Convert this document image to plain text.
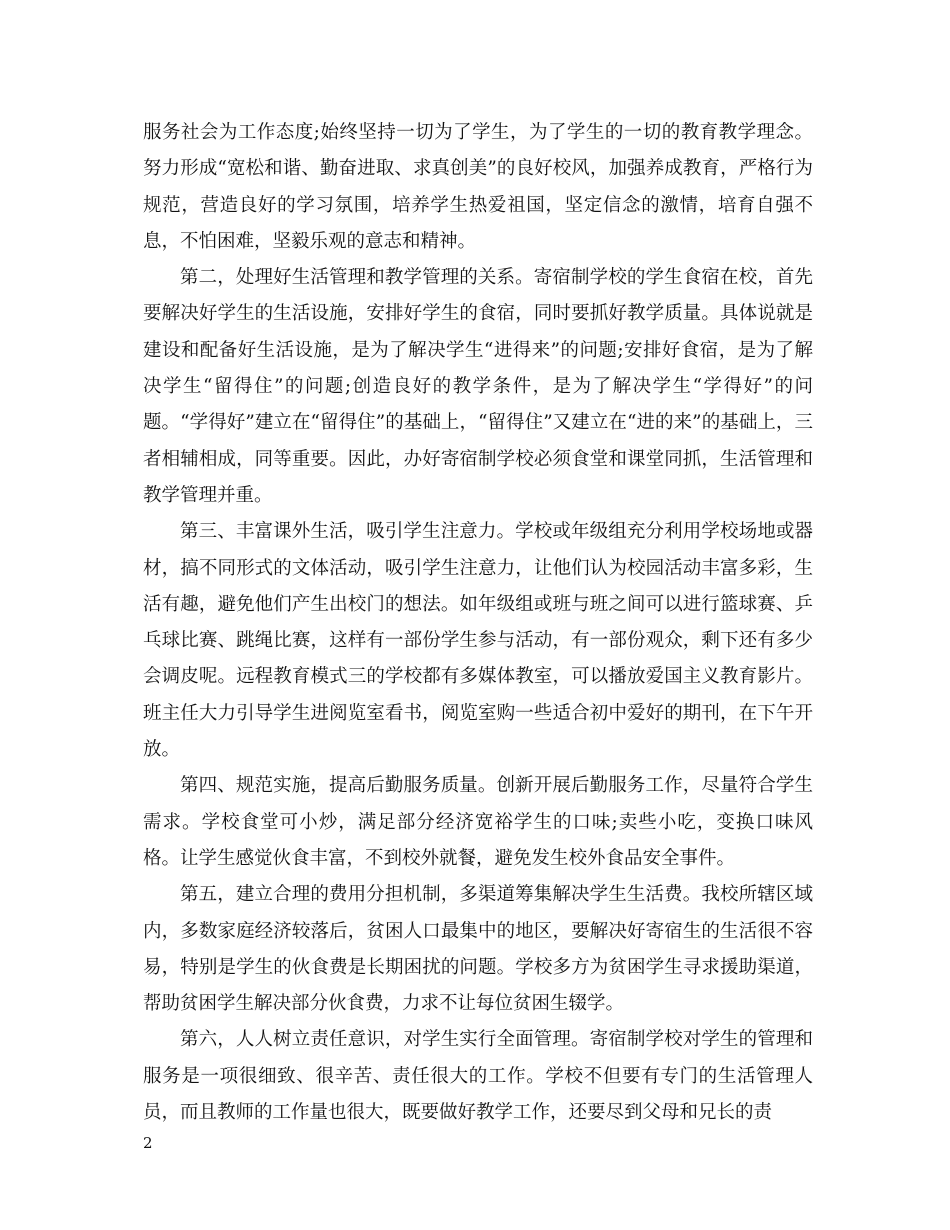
服务社会为工作态度;始终坚持一切为了学生，为了学生的一切的教育教学理念。努力形成“宽松和谐、勤奋进取、求真创美”的良好校风，加强养成教育，严格行为规范，营造良好的学习氛围，培养学生热爱祖国，坚定信念的激情，培育自强不息，不怕困难，坚毅乐观的意志和精神。

第二，处理好生活管理和教学管理的关系。寄宿制学校的学生食宿在校，首先要解决好学生的生活设施，安排好学生的食宿，同时要抓好教学质量。具体说就是建设和配备好生活设施，是为了解决学生“进得来”的问题;安排好食宿，是为了解决学生“留得住”的问题;创造良好的教学条件，是为了解决学生“学得好”的问题。“学得好”建立在“留得住”的基础上，“留得住”又建立在“进的来”的基础上，三者相辅相成，同等重要。因此，办好寄宿制学校必须食堂和课堂同抓，生活管理和教学管理并重。

第三、丰富课外生活，吸引学生注意力。学校或年级组充分利用学校场地或器材，搞不同形式的文体活动，吸引学生注意力，让他们认为校园活动丰富多彩，生活有趣，避免他们产生出校门的想法。如年级组或班与班之间可以进行篮球赛、乒乓球比赛、跳绳比赛，这样有一部份学生参与活动，有一部份观众，剩下还有多少会调皮呢。远程教育模式三的学校都有多媒体教室，可以播放爱国主义教育影片。班主任大力引导学生进阅览室看书，阅览室购一些适合初中爱好的期刊，在下午开放。

第四、规范实施，提高后勤服务质量。创新开展后勤服务工作，尽量符合学生需求。学校食堂可小炒，满足部分经济宽裕学生的口味;卖些小吃，变换口味风格。让学生感觉伙食丰富，不到校外就餐，避免发生校外食品安全事件。

第五，建立合理的费用分担机制，多渠道筹集解决学生生活费。我校所辖区域内，多数家庭经济较落后，贫困人口最集中的地区，要解决好寄宿生的生活很不容易，特别是学生的伙食费是长期困扰的问题。学校多方为贫困学生寻求援助渠道，帮助贫困学生解决部分伙食费，力求不让每位贫困生辍学。

第六，人人树立责任意识，对学生实行全面管理。寄宿制学校对学生的管理和服务是一项很细致、很辛苦、责任很大的工作。学校不但要有专门的生活管理人员，而且教师的工作量也很大，既要做好教学工作，还要尽到父母和兄长的责

2
